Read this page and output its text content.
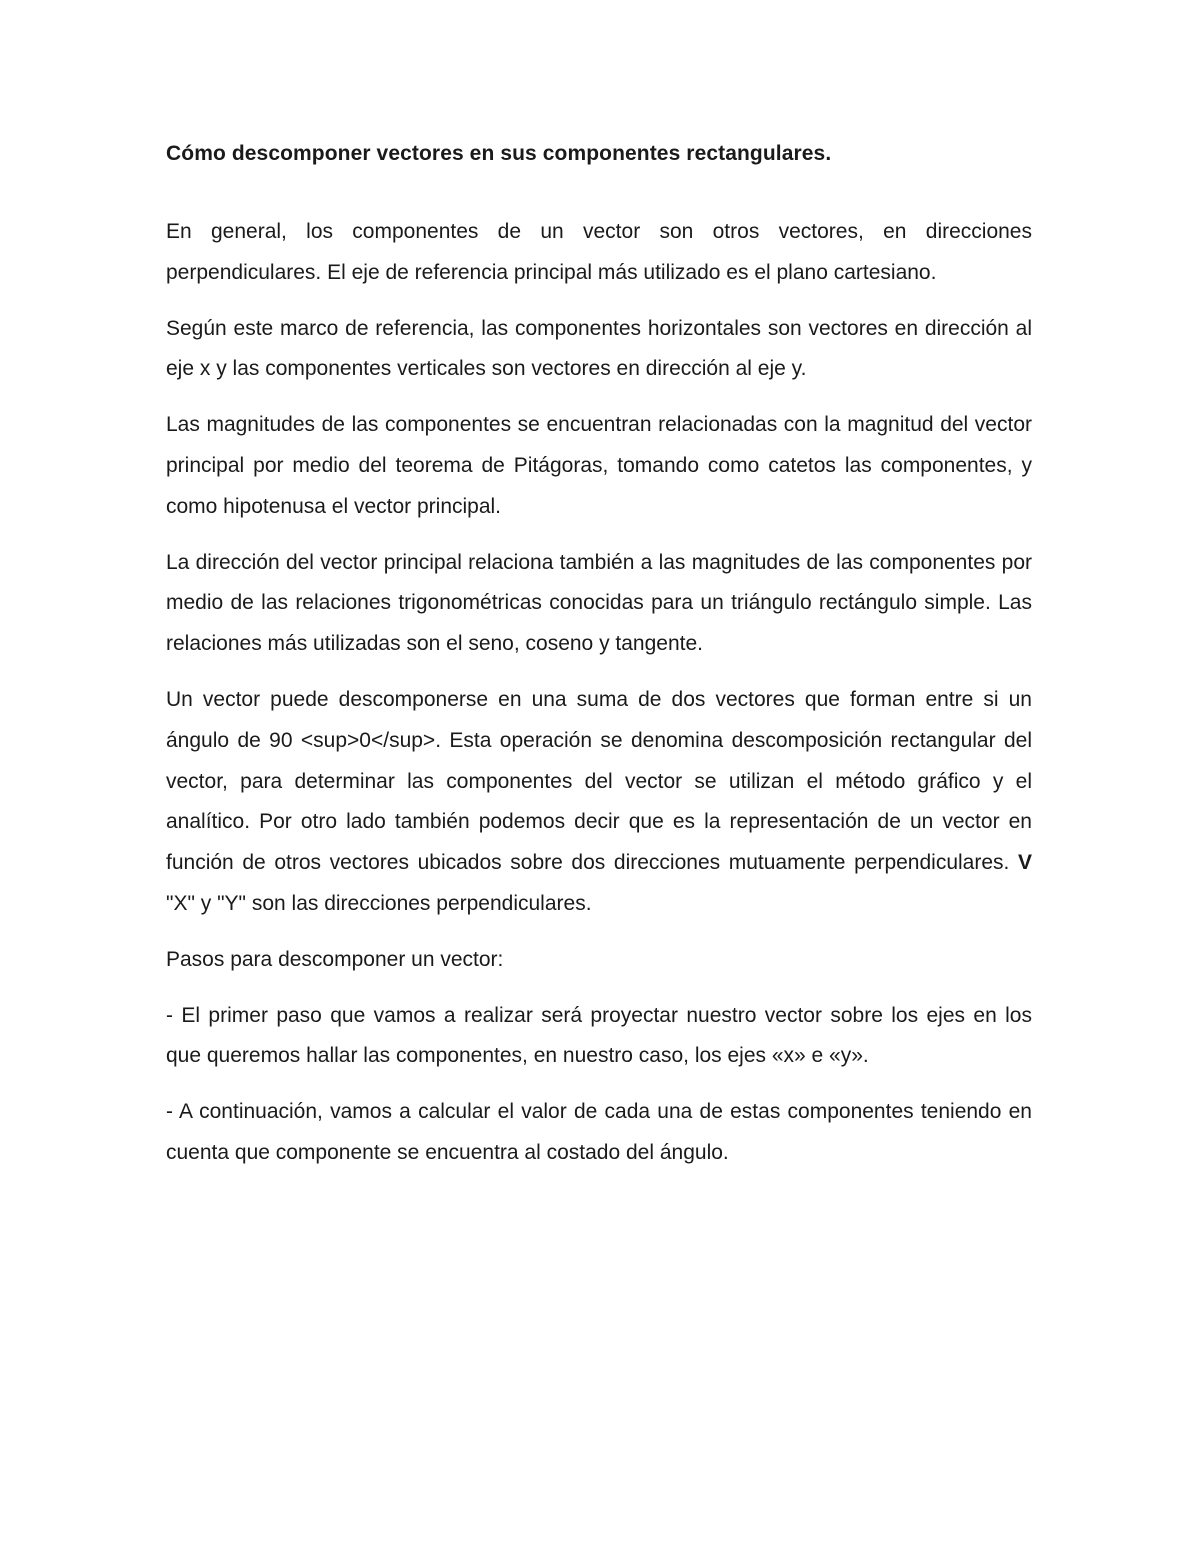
Cómo descomponer vectores en sus componentes rectangulares.

En general, los componentes de un vector son otros vectores, en direcciones perpendiculares. El eje de referencia principal más utilizado es el plano cartesiano.

Según este marco de referencia, las componentes horizontales son vectores en dirección al eje x y las componentes verticales son vectores en dirección al eje y.

Las magnitudes de las componentes se encuentran relacionadas con la magnitud del vector principal por medio del teorema de Pitágoras, tomando como catetos las componentes, y como hipotenusa el vector principal.

La dirección del vector principal relaciona también a las magnitudes de las componentes por medio de las relaciones trigonométricas conocidas para un triángulo rectángulo simple. Las relaciones más utilizadas son el seno, coseno y tangente.

Un vector puede descomponerse en una suma de dos vectores que forman entre si un ángulo de 90 <sup>0</sup>. Esta operación se denomina descomposición rectangular del vector, para determinar las componentes del vector se utilizan el método gráfico y el analítico. Por otro lado también podemos decir que es la representación de un vector en función de otros vectores ubicados sobre dos direcciones mutuamente perpendiculares. V "X" y "Y" son las direcciones perpendiculares.

Pasos para descomponer un vector:

- El primer paso que vamos a realizar será proyectar nuestro vector sobre los ejes en los que queremos hallar las componentes, en nuestro caso, los ejes «x» e «y».

- A continuación, vamos a calcular el valor de cada una de estas componentes teniendo en cuenta que componente se encuentra al costado del ángulo.
